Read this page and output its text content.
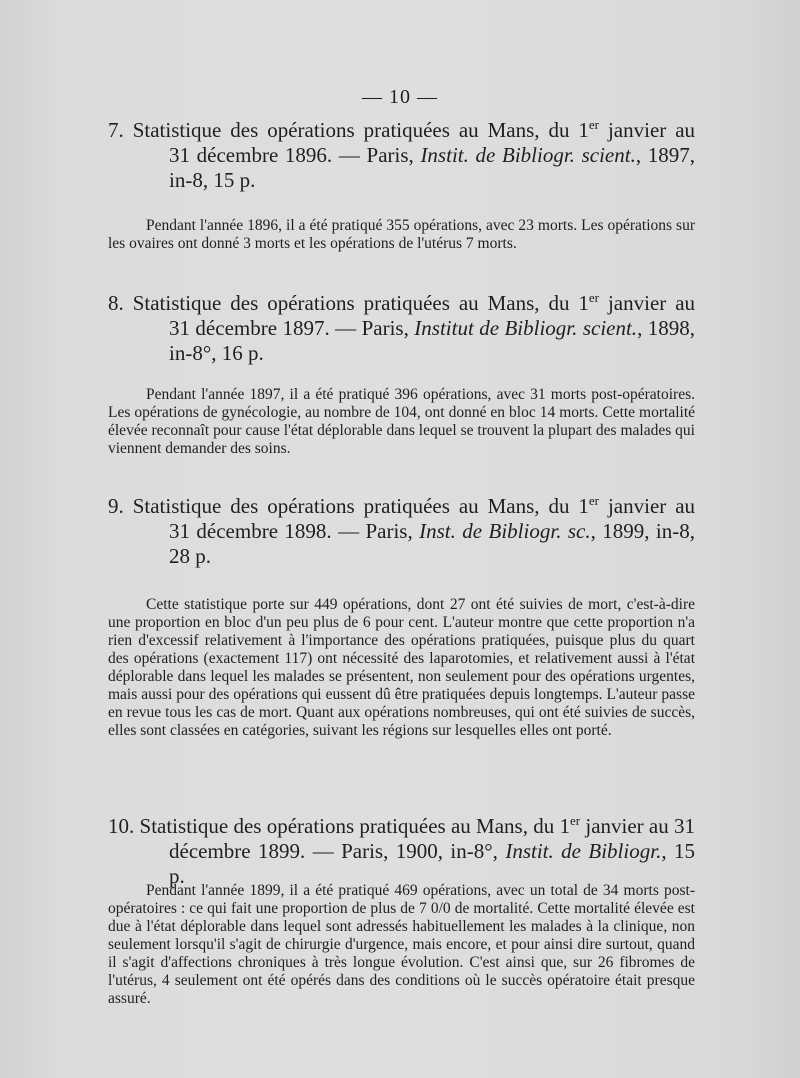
— 10 —
7. Statistique des opérations pratiquées au Mans, du 1er janvier au
31 décembre 1896. — Paris, Instit. de Bibliogr. scient., 1897,
in-8, 15 p.
Pendant l'année 1896, il a été pratiqué 355 opérations, avec 23 morts. Les opérations sur les ovaires ont donné 3 morts et les opérations de l'utérus 7 morts.
8. Statistique des opérations pratiquées au Mans, du 1er janvier au
31 décembre 1897. — Paris, Institut de Bibliogr. scient., 1898,
in-8°, 16 p.
Pendant l'année 1897, il a été pratiqué 396 opérations, avec 31 morts post-opératoires. Les opérations de gynécologie, au nombre de 104, ont donné en bloc 14 morts. Cette mortalité élevée reconnaît pour cause l'état déplorable dans lequel se trouvent la plupart des malades qui viennent demander des soins.
9. Statistique des opérations pratiquées au Mans, du 1er janvier au
31 décembre 1898. — Paris, Inst. de Bibliogr. sc., 1899, in-8,
28 p.
Cette statistique porte sur 449 opérations, dont 27 ont été suivies de mort, c'est-à-dire une proportion en bloc d'un peu plus de 6 pour cent. L'auteur montre que cette proportion n'a rien d'excessif relativement à l'importance des opérations pratiquées, puisque plus du quart des opérations (exactement 117) ont nécessité des laparotomies, et relativement aussi à l'état déplorable dans lequel les malades se présentent, non seulement pour des opérations urgentes, mais aussi pour des opérations qui eussent dû être pratiquées depuis longtemps. L'auteur passe en revue tous les cas de mort. Quant aux opérations nombreuses, qui ont été suivies de succès, elles sont classées en catégories, suivant les régions sur lesquelles elles ont porté.
10. Statistique des opérations pratiquées au Mans, du 1er janvier au 31
décembre 1899. — Paris, 1900, in-8°, Instit. de Bibliogr., 15 p.
Pendant l'année 1899, il a été pratiqué 469 opérations, avec un total de 34 morts post-opératoires : ce qui fait une proportion de plus de 7 0/0 de mortalité. Cette mortalité élevée est due à l'état déplorable dans lequel sont adressés habituellement les malades à la clinique, non seulement lorsqu'il s'agit de chirurgie d'urgence, mais encore, et pour ainsi dire surtout, quand il s'agit d'affections chroniques à très longue évolution. C'est ainsi que, sur 26 fibromes de l'utérus, 4 seulement ont été opérés dans des conditions où le succès opératoire était presque assuré.
